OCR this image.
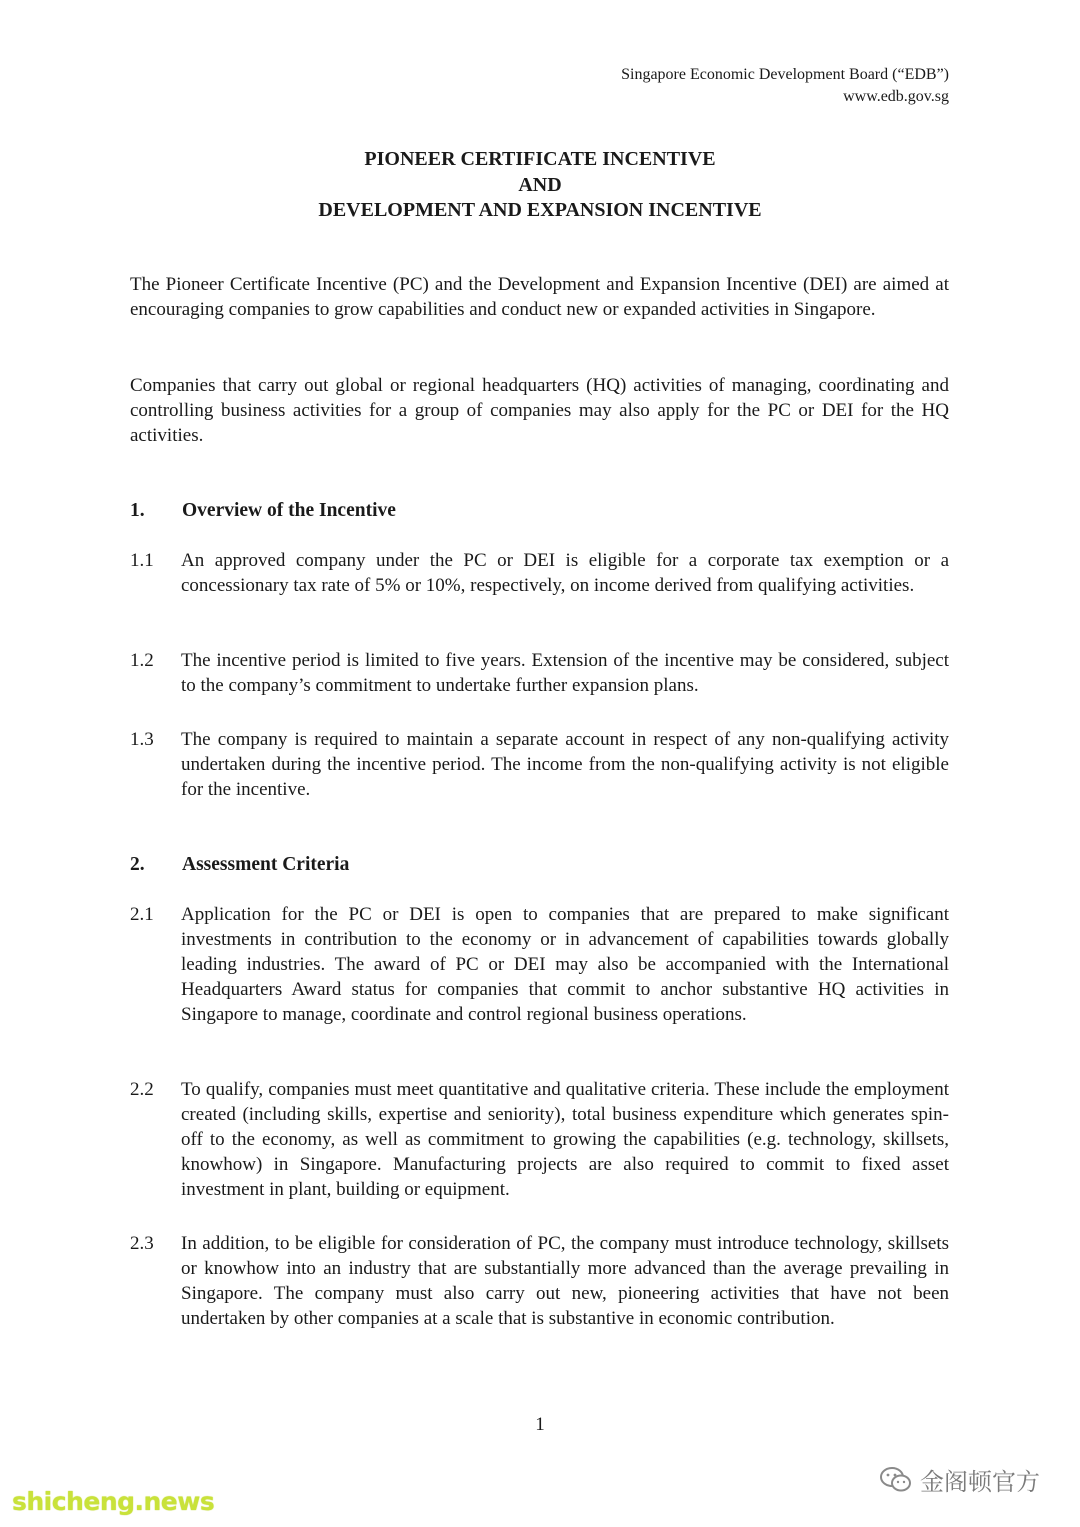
Singapore Economic Development Board (“EDB”)
www.edb.gov.sg
PIONEER CERTIFICATE INCENTIVE
AND
DEVELOPMENT AND EXPANSION INCENTIVE

The Pioneer Certificate Incentive (PC) and the Development and Expansion Incentive (DEI) are aimed at encouraging companies to grow capabilities and conduct new or expanded activities in Singapore.

Companies that carry out global or regional headquarters (HQ) activities of managing, coordinating and controlling business activities for a group of companies may also apply for the PC or DEI for the HQ activities.

1. Overview of the Incentive
1.1 An approved company under the PC or DEI is eligible for a corporate tax exemption or a concessionary tax rate of 5% or 10%, respectively, on income derived from qualifying activities.
1.2 The incentive period is limited to five years. Extension of the incentive may be considered, subject to the company’s commitment to undertake further expansion plans.
1.3 The company is required to maintain a separate account in respect of any non-qualifying activity undertaken during the incentive period. The income from the non-qualifying activity is not eligible for the incentive.
2. Assessment Criteria
2.1 Application for the PC or DEI is open to companies that are prepared to make significant investments in contribution to the economy or in advancement of capabilities towards globally leading industries. The award of PC or DEI may also be accompanied with the International Headquarters Award status for companies that commit to anchor substantive HQ activities in Singapore to manage, coordinate and control regional business operations.
2.2 To qualify, companies must meet quantitative and qualitative criteria. These include the employment created (including skills, expertise and seniority), total business expenditure which generates spin-off to the economy, as well as commitment to growing the capabilities (e.g. technology, skillsets, knowhow) in Singapore. Manufacturing projects are also required to commit to fixed asset investment in plant, building or equipment.
2.3 In addition, to be eligible for consideration of PC, the company must introduce technology, skillsets or knowhow into an industry that are substantially more advanced than the average prevailing in Singapore. The company must also carry out new, pioneering activities that have not been undertaken by other companies at a scale that is substantive in economic contribution.
1
金阁顿官方
shicheng.news
